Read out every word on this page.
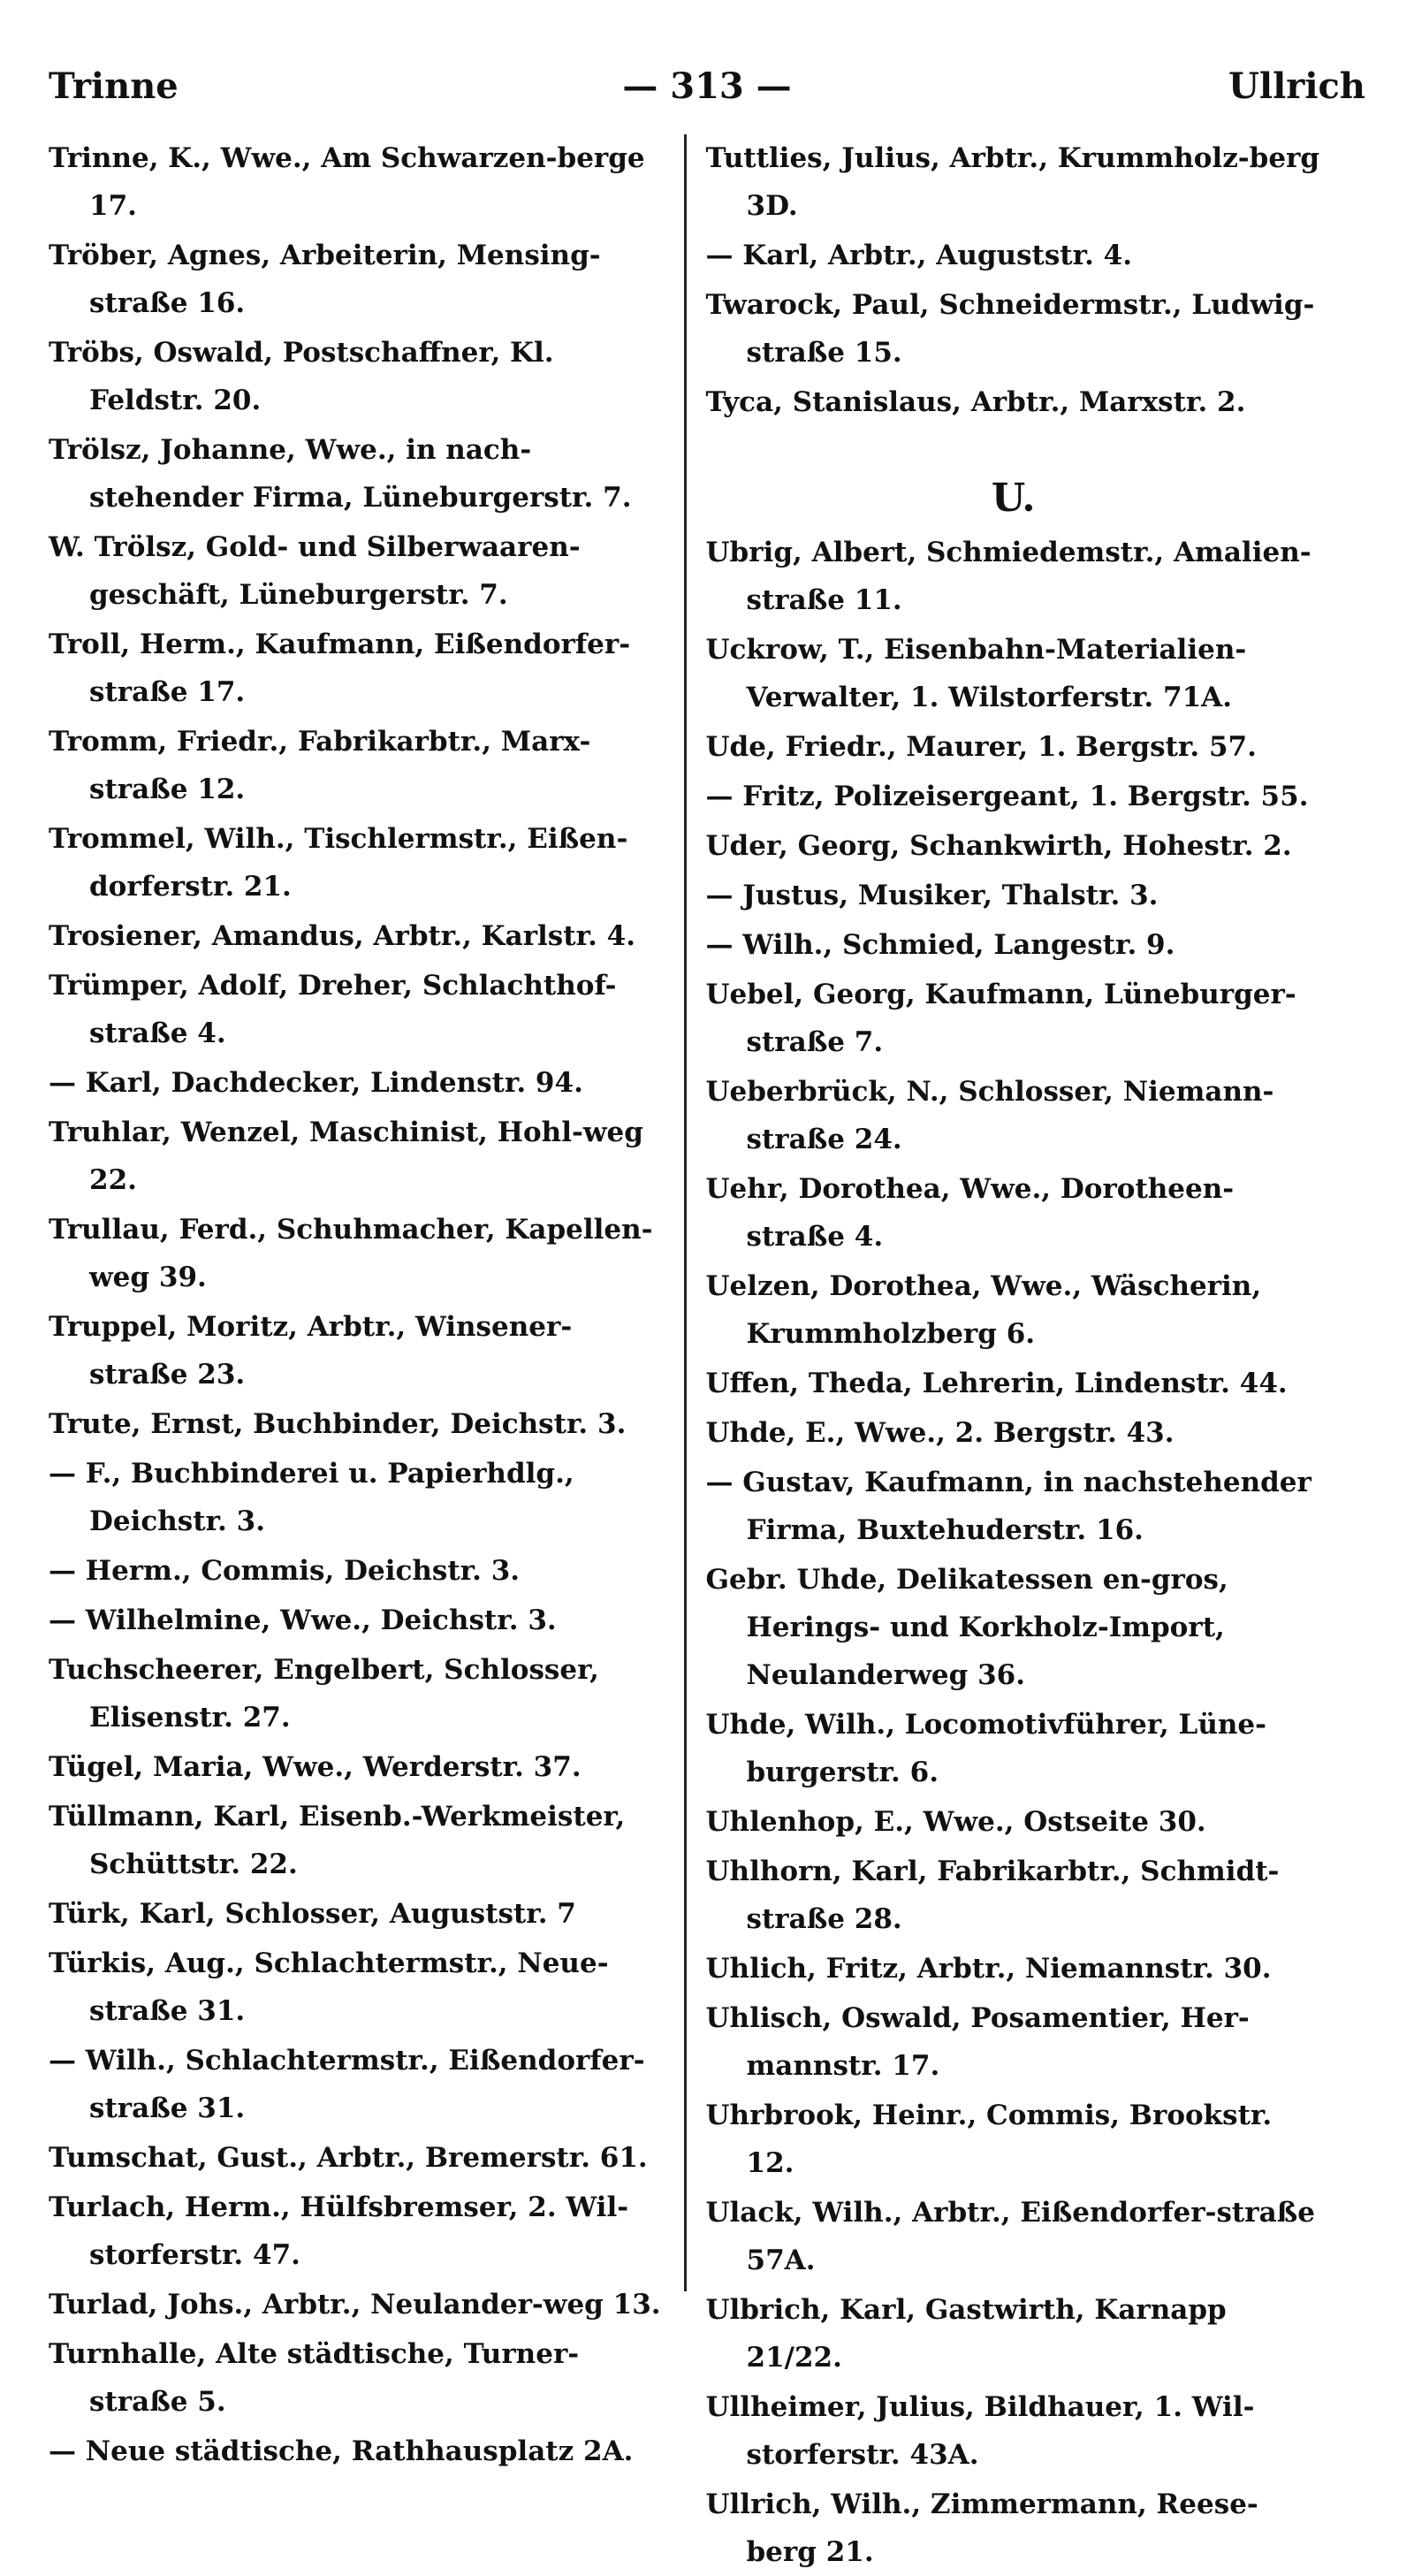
Trinne	— 313 —	Ullrich
Trinne, K., Wwe., Am Schwarzen-berge 17.
Tröber, Agnes, Arbeiterin, Mensing-straße 16.
Tröbs, Oswald, Postschaffner, Kl. Feldstr. 20.
Trölsz, Johanne, Wwe., in nach-stehender Firma, Lüneburgerstr. 7.
W. Trölsz, Gold- und Silberwaaren-geschäft, Lüneburgerstr. 7.
Troll, Herm., Kaufmann, Eißendorfer-straße 17.
Tromm, Friedr., Fabrikarbtr., Marx-straße 12.
Trommel, Wilh., Tischlermstr., Eißen-dorferstr. 21.
Trosiener, Amandus, Arbtr., Karlstr. 4.
Trümper, Adolf, Dreher, Schlachthof-straße 4.
— Karl, Dachdecker, Lindenstr. 94.
Truhlar, Wenzel, Maschinist, Hohl-weg 22.
Trullau, Ferd., Schuhmacher, Kapellen-weg 39.
Truppel, Moritz, Arbtr., Winsener-straße 23.
Trute, Ernst, Buchbinder, Deichstr. 3.
— F., Buchbinderei u. Papierhdlg., Deichstr. 3.
— Herm., Commis, Deichstr. 3.
— Wilhelmine, Wwe., Deichstr. 3.
Tuchscheerer, Engelbert, Schlosser, Elisenstr. 27.
Tügel, Maria, Wwe., Werderstr. 37.
Tüllmann, Karl, Eisenb.-Werkmeister, Schüttstr. 22.
Türk, Karl, Schlosser, Auguststr. 7
Türkis, Aug., Schlachtermstr., Neue-straße 31.
— Wilh., Schlachtermstr., Eißendorfer-straße 31.
Tumschat, Gust., Arbtr., Bremerstr. 61.
Turlach, Herm., Hülfsbremser, 2. Wil-storferstr. 47.
Turlad, Johs., Arbtr., Neulander-weg 13.
Turnhalle, Alte städtische, Turner-straße 5.
— Neue städtische, Rathhausplatz 2A.
Tuttlies, Julius, Arbtr., Krummholz-berg 3D.
— Karl, Arbtr., Auguststr. 4.
Twarock, Paul, Schneidermstr., Ludwig-straße 15.
Tyca, Stanislaus, Arbtr., Marxstr. 2.
U.
Ubrig, Albert, Schmiedemstr., Amalien-straße 11.
Uckrow, T., Eisenbahn-Materialien-Verwalter, 1. Wilstorferstr. 71A.
Ude, Friedr., Maurer, 1. Bergstr. 57.
— Fritz, Polizeisergeant, 1. Bergstr. 55.
Uder, Georg, Schankwirth, Hohestr. 2.
— Justus, Musiker, Thalstr. 3.
— Wilh., Schmied, Langestr. 9.
Uebel, Georg, Kaufmann, Lüneburger-straße 7.
Ueberbrück, N., Schlosser, Niemann-straße 24.
Uehr, Dorothea, Wwe., Dorotheen-straße 4.
Uelzen, Dorothea, Wwe., Wäscherin, Krummholzberg 6.
Uffen, Theda, Lehrerin, Lindenstr. 44.
Uhde, E., Wwe., 2. Bergstr. 43.
— Gustav, Kaufmann, in nachstehender Firma, Buxtehuderstr. 16.
Gebr. Uhde, Delikatessen en-gros, Herings- und Korkholz-Import, Neulanderweg 36.
Uhde, Wilh., Locomotivführer, Lüne-burgerstr. 6.
Uhlenhop, E., Wwe., Ostseite 30.
Uhlhorn, Karl, Fabrikarbtr., Schmidt-straße 28.
Uhlich, Fritz, Arbtr., Niemannstr. 30.
Uhlisch, Oswald, Posamentier, Her-mannstr. 17.
Uhrbrook, Heinr., Commis, Brookstr. 12.
Ulack, Wilh., Arbtr., Eißendorfer-straße 57A.
Ulbrich, Karl, Gastwirth, Karnapp 21/22.
Ullheimer, Julius, Bildhauer, 1. Wil-storferstr. 43A.
Ullrich, Wilh., Zimmermann, Reese-berg 21.
